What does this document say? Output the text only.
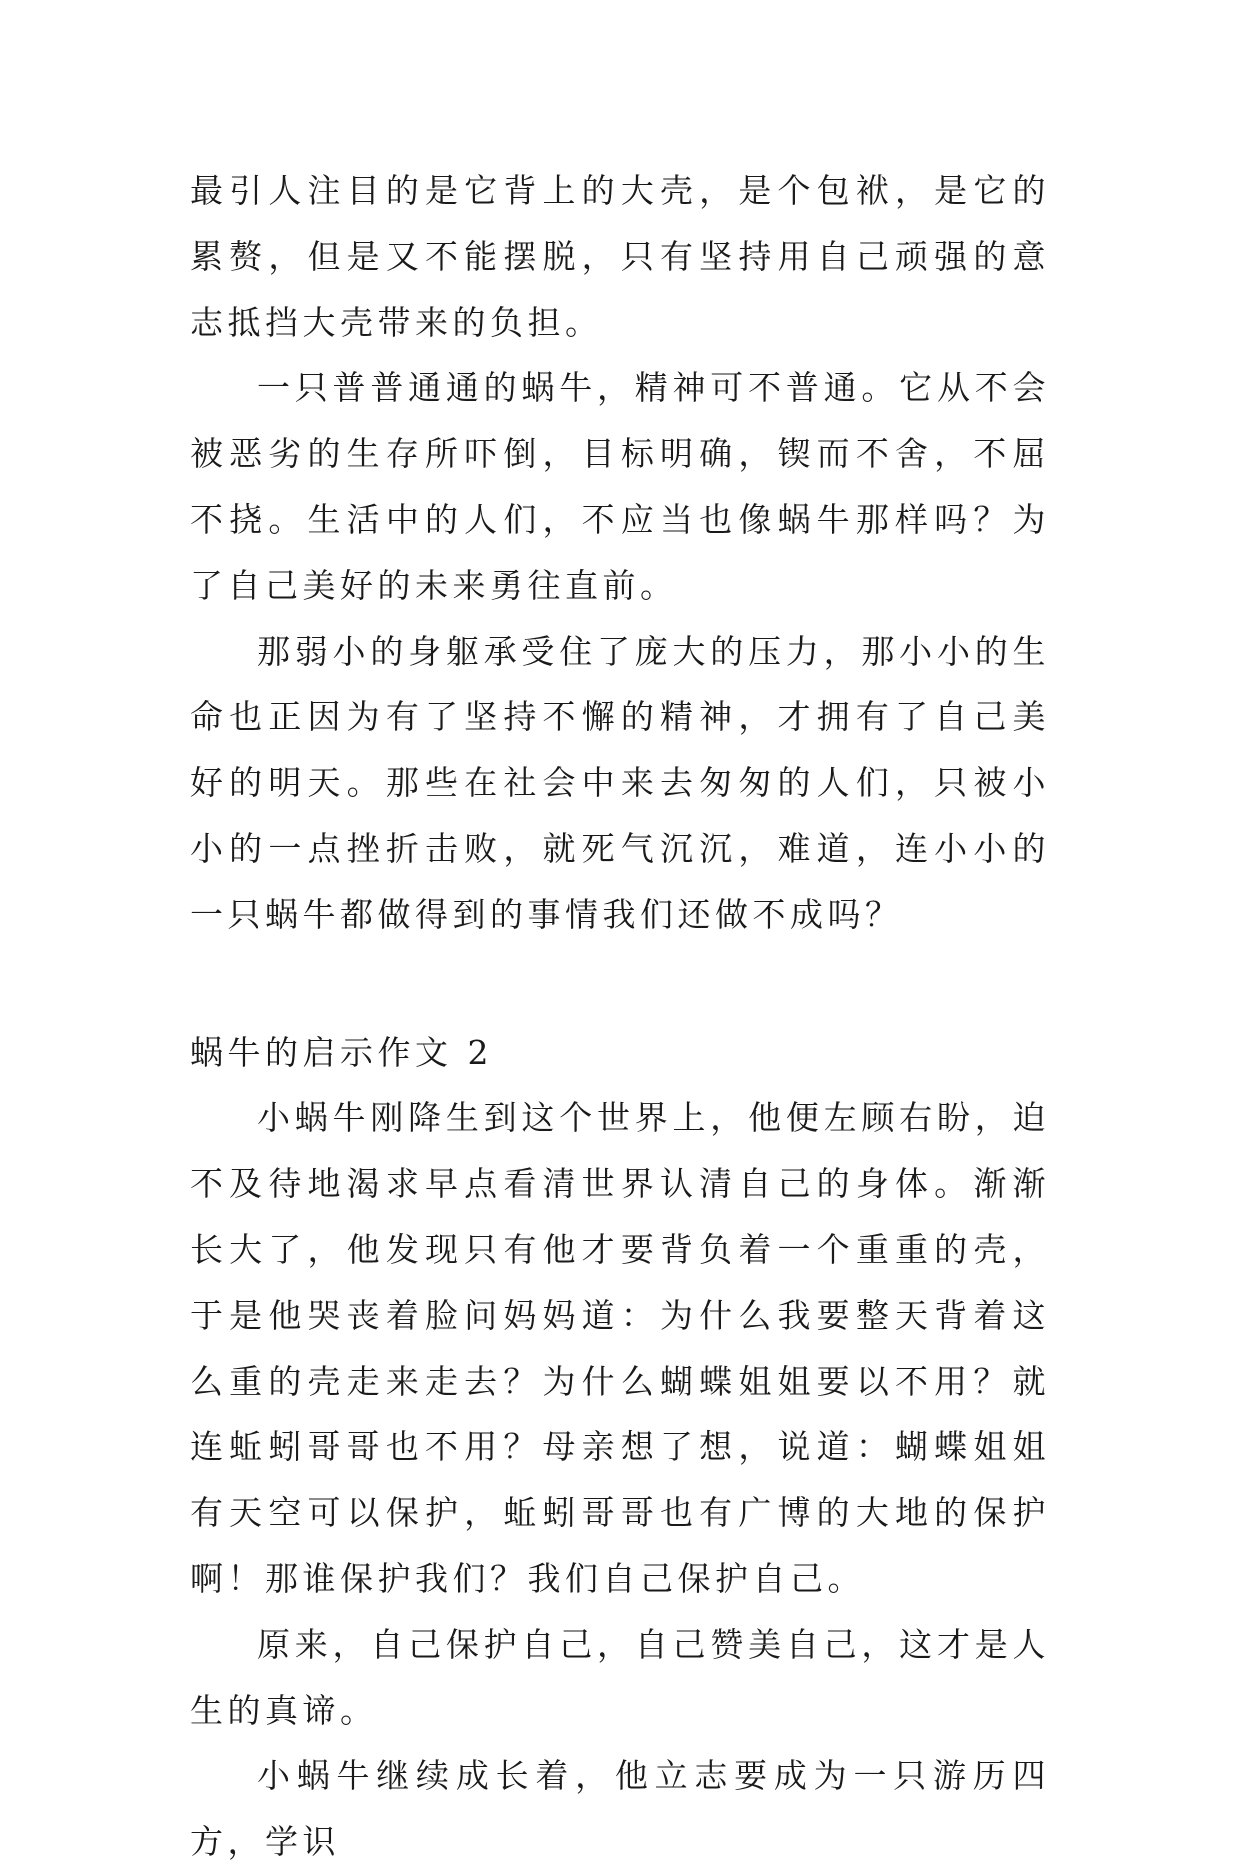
最引人注目的是它背上的大壳，是个包袱，是它的累赘，但是又不能摆脱，只有坚持用自己顽强的意志抵挡大壳带来的负担。

一只普普通通的蜗牛，精神可不普通。它从不会被恶劣的生存所吓倒，目标明确，锲而不舍，不屈不挠。生活中的人们，不应当也像蜗牛那样吗？为了自己美好的未来勇往直前。

那弱小的身躯承受住了庞大的压力，那小小的生命也正因为有了坚持不懈的精神，才拥有了自己美好的明天。那些在社会中来去匆匆的人们，只被小小的一点挫折击败，就死气沉沉，难道，连小小的一只蜗牛都做得到的事情我们还做不成吗？

蜗牛的启示作文 2

小蜗牛刚降生到这个世界上，他便左顾右盼，迫不及待地渴求早点看清世界认清自己的身体。渐渐长大了，他发现只有他才要背负着一个重重的壳，于是他哭丧着脸问妈妈道：为什么我要整天背着这么重的壳走来走去？为什么蝴蝶姐姐要以不用？就连蚯蚓哥哥也不用？母亲想了想，说道：蝴蝶姐姐有天空可以保护，蚯蚓哥哥也有广博的大地的保护啊！那谁保护我们？我们自己保护自己。

原来，自己保护自己，自己赞美自己，这才是人生的真谛。

小蜗牛继续成长着，他立志要成为一只游历四方，学识
